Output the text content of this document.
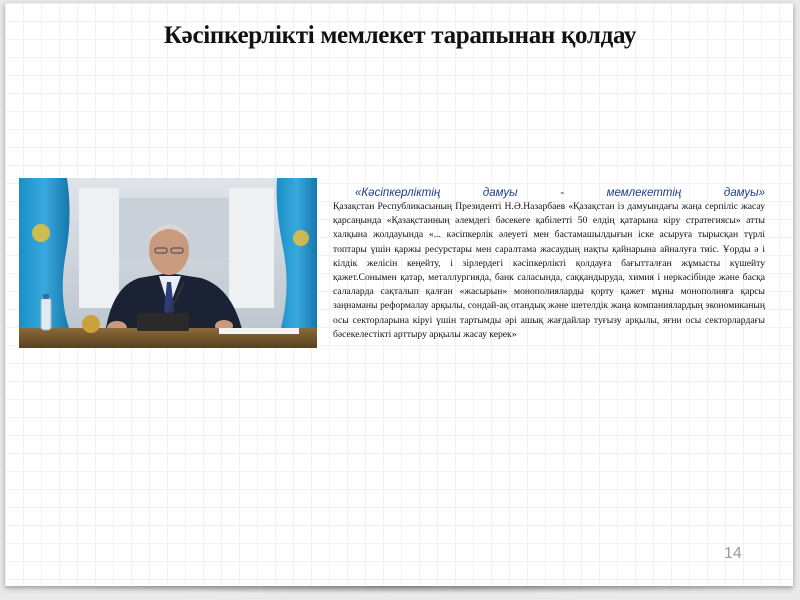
Кәсіпкерлікті мемлекет тарапынан қолдау
«Кәсіпкерліктің дамуы - мемлекеттің дамуы»
Қазақстан Республикасының Президенті Н.Ә.Назарбаев «Қазақстан із дамуындағы жаңа серпіліс жасау қарсаңында «Қазақстанның әлемдегі бәсекеге қабілетті 50 елдің қатарына кіру стратегиясы» атты халқына жолдауында «... кәсіпкерлік әлеуеті мен бастамашылдығын іске асыруға тырысқан түрлі топтары үшін қаржы ресурстары мен саралтама жасаудың нақты қайнарына айналуға тиіс. Ұорды ә і кілдік желісін кеңейту, і зірлердегі кәсіпкерлікті қолдауға бағытталған жұмысты күшейту қажет.Сонымен қатар, металлургияда, банк саласында, саққандыруда, химия і неркәсібінде және басқа салаларда сақталып қалған «жасырын» монополияларды қорту қажет мұны монополияға қарсы заңнаманы реформалау арқылы, сондай-ақ отандық және шетелдік жаңа компаниялардың экономиканың осы секторларына кіруі үшін тартымды әрі ашық жағдайлар туғызу арқылы, яғни осы секторлардағы бәсекелестікті арттыру арқылы жасау керек»
14
